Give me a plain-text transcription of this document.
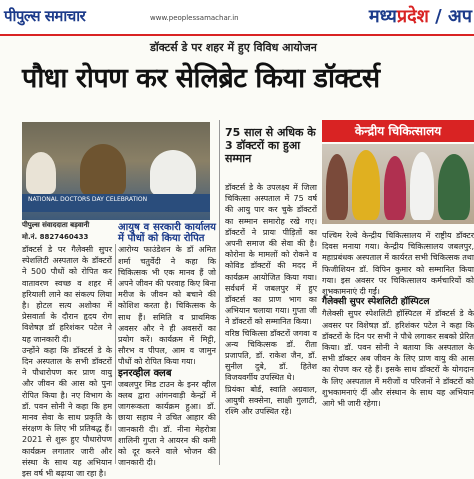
पीपुल्स समाचार	www.peoplessamachar.in	मध्यप्रदेश / अप
डॉक्टर्स डे पर शहर में हुए विविध आयोजन
पौधा रोपण कर सेलिब्रेट किया डॉक्टर्स
NATIONAL DOCTORS DAY CELEBRATION
पीपुल्स संवाददाता बड़वानी
मो.नं. 8827460433
डॉक्टर्स डे पर गैलेक्सी सुपर स्पेशलिटी अस्पताल के डॉक्टरों ने 500 पौधों को रोपित कर वातावरण स्वच्छ व शहर में हरियाली लाने का संकल्प लिया है। होटल सत्य अशोका में प्रेसवार्ता के दौरान हृदय रोग विशेषज्ञ डॉ हरिशंकर पटेल ने यह जानकारी दी।
उन्होंने कहा कि डॉक्टर्स डे के दिन अस्पताल के सभी डॉक्टरों ने पौधारोपण कर प्राण वायु और जीवन की आस को पुनः रोपित किया है। नए विभाग के डॉ. पवन सोनी ने कहा कि हम मानव सेवा के साथ प्रकृति के संरक्षण के लिए भी प्रतिबद्ध हैं। 2021 से शुरू हुए पौधारोपण कार्यक्रम लगातार जारी और संस्था के साथ यह अभियान इस वर्ष भी बढ़ाया जा रहा है।
आयुष व सरकारी कार्यालय में पौधों को किया रोपित
आरोग्य फाउंडेशन के डॉ अमित शर्मा चतुर्वेदी ने कहा कि चिकित्सक भी एक मानव हैं जो अपने जीवन की परवाह किए बिना मरीज के जीवन को बचाने की कोशिश करता है। चिकित्सक के साथ हैं। समिति व प्राथमिक अवसर और ने ही अवसरों का प्रयोग करें। कार्यक्रम में मिट्टी, सौरभ व पीपल, आम व जामुन पौधों को रोपित किया गया।
इनरव्हील क्लब
जबलपुर मिड टाउन के इनर व्हील क्लब द्वारा आंगनवाड़ी केन्द्रों में जागरूकता कार्यक्रम हुआ। डॉ. छाया सहाय ने उचित आहार की जानकारी दी। डॉ. नीना मेहरोत्रा शालिनी गुप्ता ने आयरन की कमी को दूर करने वाले भोजन की जानकारी दी।
75 साल से अधिक के 3 डॉक्टरों का हुआ सम्मान
डॉक्टर्स डे के उपलक्ष्य में जिला चिकित्सा अस्पताल में 75 वर्ष की आयु पार कर चुके डॉक्टरों का सम्मान समारोह रखे गए। डॉक्टरों ने प्रायः पीड़ितों का अपनी समाज की सेवा की है। कोरोना के मामलों को रोकने व कोविड डॉक्टरों की मदद में कार्यक्रम आयोजित किया गया। सर्वधर्म में जबलपुर में हुए डॉक्टर्स का प्राण भाग का अभियान चलाया गया। गुप्ता जी ने डॉक्टरों को सम्मानित किया।
वरिष्ठ चिकित्सा डॉक्टरों जगवा व अन्य चिकित्सक डॉ. रीता प्रजापति, डॉ. राकेश जैन, डॉ. सुनील दुबे, डॉ. हितेश विजयवर्गीय उपस्थित थे।
प्रियंका बोर्ड, स्वाति अग्रवाल, आयुषी सक्सेना, साक्षी गुलाटी, रश्मि और उपस्थित रहे।
केन्द्रीय चिकित्सालय
पश्चिम रेल्वे केन्द्रीय चिकित्सालय में राष्ट्रीय डॉक्टर दिवस मनाया गया। केन्द्रीय चिकित्सालय जबलपुर, महाप्रबंधक अस्पताल में कार्यरत सभी चिकित्सक तथा फिजीशियन डॉ. विपिन कुमार को सम्मानित किया गया। इस अवसर पर चिकित्सालय कर्मचारियों को शुभकामनाएं दी गईं।
गैलेक्सी सुपर स्पेशलिटी हॉस्पिटल
गैलेक्सी सुपर स्पेशलिटी हॉस्पिटल में डॉक्टर्स डे के अवसर पर विशेषज्ञ डॉ. हरिशंकर पटेल ने कहा कि डॉक्टरों के दिन पर सभी ने पौधे लगाकर सबको प्रेरित किया। डॉ. पवन सोनी ने बताया कि अस्पताल के सभी डॉक्टर अब जीवन के लिए प्राण वायु की आस का रोपण कर रहे हैं। इसके साथ डॉक्टरों के योगदान के लिए अस्पताल में मरीजों व परिजनों ने डॉक्टरों को शुभकामनाएं दीं और संस्थान के साथ यह अभियान आगे भी जारी रहेगा।
